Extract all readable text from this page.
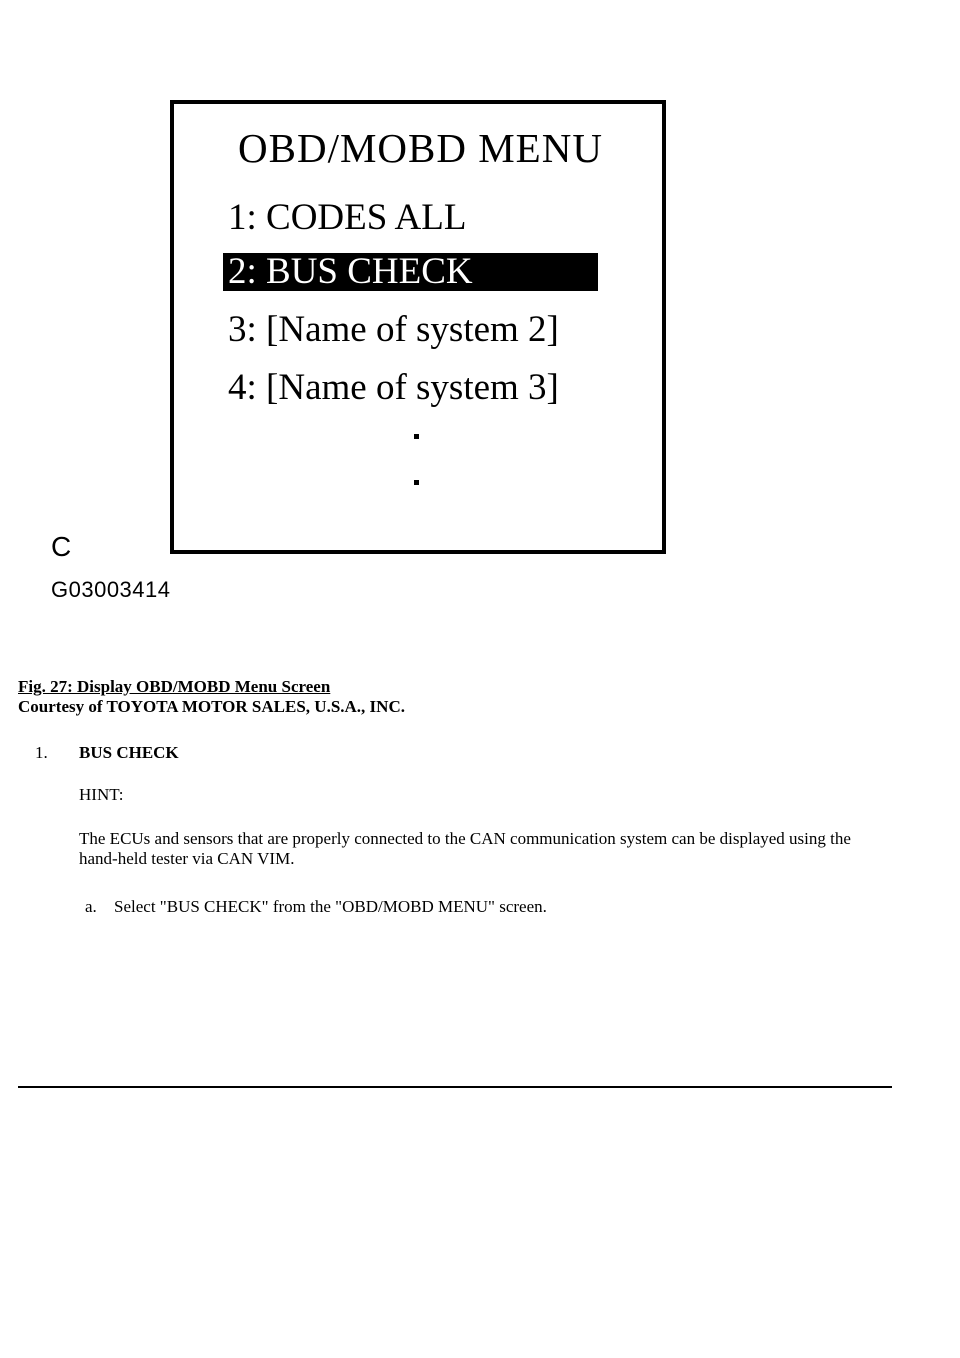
OBD/MOBD MENU
1: CODES ALL
2: BUS CHECK
3: [Name of system 2]
4: [Name of system 3]
C
G03003414
Fig. 27: Display OBD/MOBD Menu Screen
Courtesy of TOYOTA MOTOR SALES, U.S.A., INC.
1. BUS CHECK
HINT:
The ECUs and sensors that are properly connected to the CAN communication system can be displayed using the hand-held tester via CAN VIM.
a. Select "BUS CHECK" from the "OBD/MOBD MENU" screen.
